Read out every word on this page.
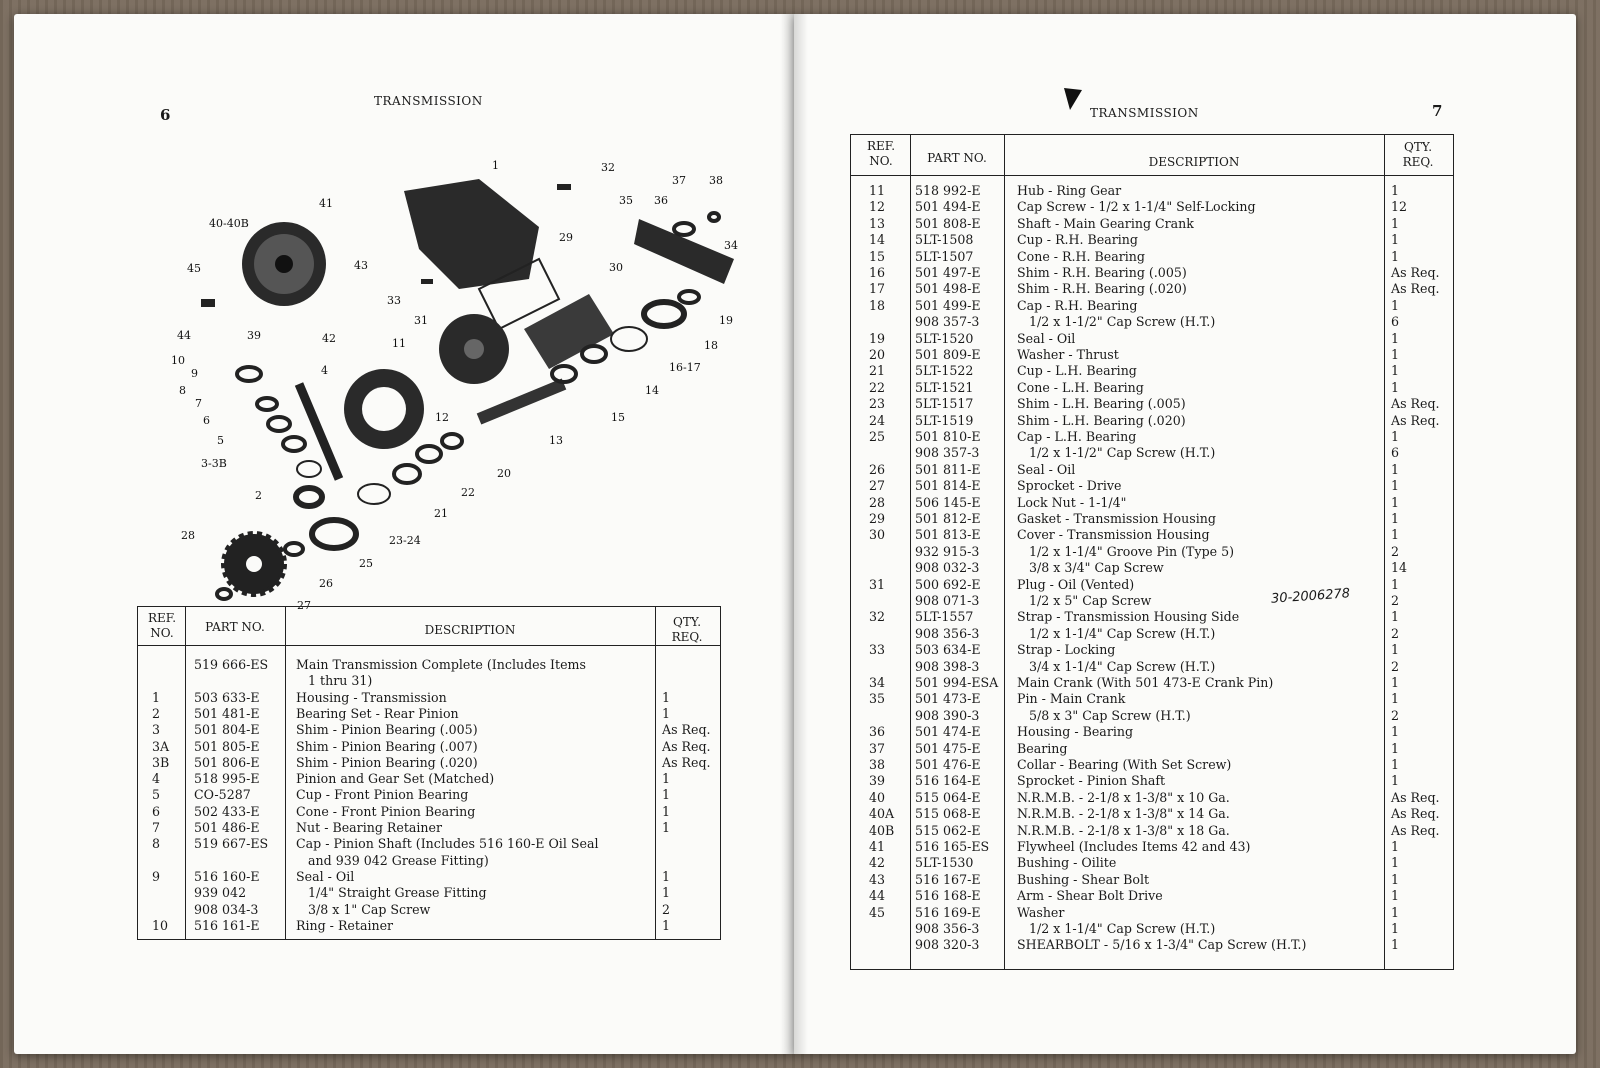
6
TRANSMISSION
1
2
3-3B
4
5
6
7
8
9
10
11
12
13
14
15
16-17
18
19
20
21
22
23-24
25
26
27
28
29
30
31
32
33
34
35 36
37 38
39
40-40B
41
42
43
44
45
REF.
NO.	PART NO.	DESCRIPTION
QTY.
REQ.
519 666-ES Main Transmission Complete (Includes Items
1 thru 31)
1	503 633-E	Housing - Transmission	1
2	501 481-E	Bearing Set - Rear Pinion	1
3	501 804-E	Shim - Pinion Bearing (.005)	As Req.
3A 501 805-E	Shim - Pinion Bearing (.007)	As Req.
3B 501 806-E	Shim - Pinion Bearing (.020)	As Req.
4	518 995-E	Pinion and Gear Set (Matched)	1
5	CO-5287	Cup - Front Pinion Bearing	1
6	502 433-E	Cone - Front Pinion Bearing	1
7	501 486-E	Nut - Bearing Retainer	1
8	519 667-ES Cap - Pinion Shaft (Includes 516 160-E Oil Seal
and 939 042 Grease Fitting)
9	516 160-E	Seal - Oil	1
939 042	1/4" Straight Grease Fitting	1
908 034-3	3/8 x 1" Cap Screw	2
10 516 161-E	Ring - Retainer	1
TRANSMISSION	7
REF.
NO.	PART NO.	DESCRIPTION
QTY.
REQ.
11 518 992-E	Hub - Ring Gear	1
12 501 494-E	Cap Screw - 1/2 x 1-1/4" Self-Locking	12
13 501 808-E	Shaft - Main Gearing Crank	1
14 5LT-1508	Cup - R.H. Bearing	1
15 5LT-1507	Cone - R.H. Bearing	1
16 501 497-E	Shim - R.H. Bearing (.005)	As Req.
17 501 498-E	Shim - R.H. Bearing (.020)	As Req.
18 501 499-E	Cap - R.H. Bearing	1
908 357-3	1/2 x 1-1/2" Cap Screw (H.T.)	6
19 5LT-1520	Seal - Oil	1
20 501 809-E	Washer - Thrust	1
21 5LT-1522	Cup - L.H. Bearing	1
22 5LT-1521	Cone - L.H. Bearing	1
23 5LT-1517	Shim - L.H. Bearing (.005)	As Req.
24 5LT-1519	Shim - L.H. Bearing (.020)	As Req.
25 501 810-E	Cap - L.H. Bearing	1
908 357-3	1/2 x 1-1/2" Cap Screw (H.T.)	6
26 501 811-E	Seal - Oil	1
27 501 814-E	Sprocket - Drive	1
28 506 145-E	Lock Nut - 1-1/4"	1
29 501 812-E	Gasket - Transmission Housing	1
30 501 813-E	Cover - Transmission Housing	1
932 915-3	1/2 x 1-1/4" Groove Pin (Type 5)	2
908 032-3	3/8 x 3/4" Cap Screw	14
31 500 692-E	Plug - Oil (Vented)	1
908 071-3	1/2 x 5" Cap Screw	2
32 5LT-1557	Strap - Transmission Housing Side	1
908 356-3	1/2 x 1-1/4" Cap Screw (H.T.)	2
33 503 634-E	Strap - Locking	1
908 398-3	3/4 x 1-1/4" Cap Screw (H.T.)	2
34 501 994-ESA Main Crank (With 501 473-E Crank Pin)	1
35 501 473-E	Pin - Main Crank	1
908 390-3	5/8 x 3" Cap Screw (H.T.)	2
36 501 474-E	Housing - Bearing	1
37 501 475-E	Bearing	1
38 501 476-E	Collar - Bearing (With Set Screw)	1
39 516 164-E	Sprocket - Pinion Shaft	1
40 515 064-E	N.R.M.B. - 2-1/8 x 1-3/8" x 10 Ga.	As Req.
40A 515 068-E	N.R.M.B. - 2-1/8 x 1-3/8" x 14 Ga.	As Req.
40B 515 062-E	N.R.M.B. - 2-1/8 x 1-3/8" x 18 Ga.	As Req.
41 516 165-ES Flywheel (Includes Items 42 and 43)	1
42 5LT-1530	Bushing - Oilite	1
43 516 167-E	Bushing - Shear Bolt	1
44 516 168-E	Arm - Shear Bolt Drive	1
45 516 169-E	Washer	1
908 356-3	1/2 x 1-1/4" Cap Screw (H.T.)	1
908 320-3	SHEARBOLT - 5/16 x 1-3/4" Cap Screw (H.T.)	1
30-2006278
